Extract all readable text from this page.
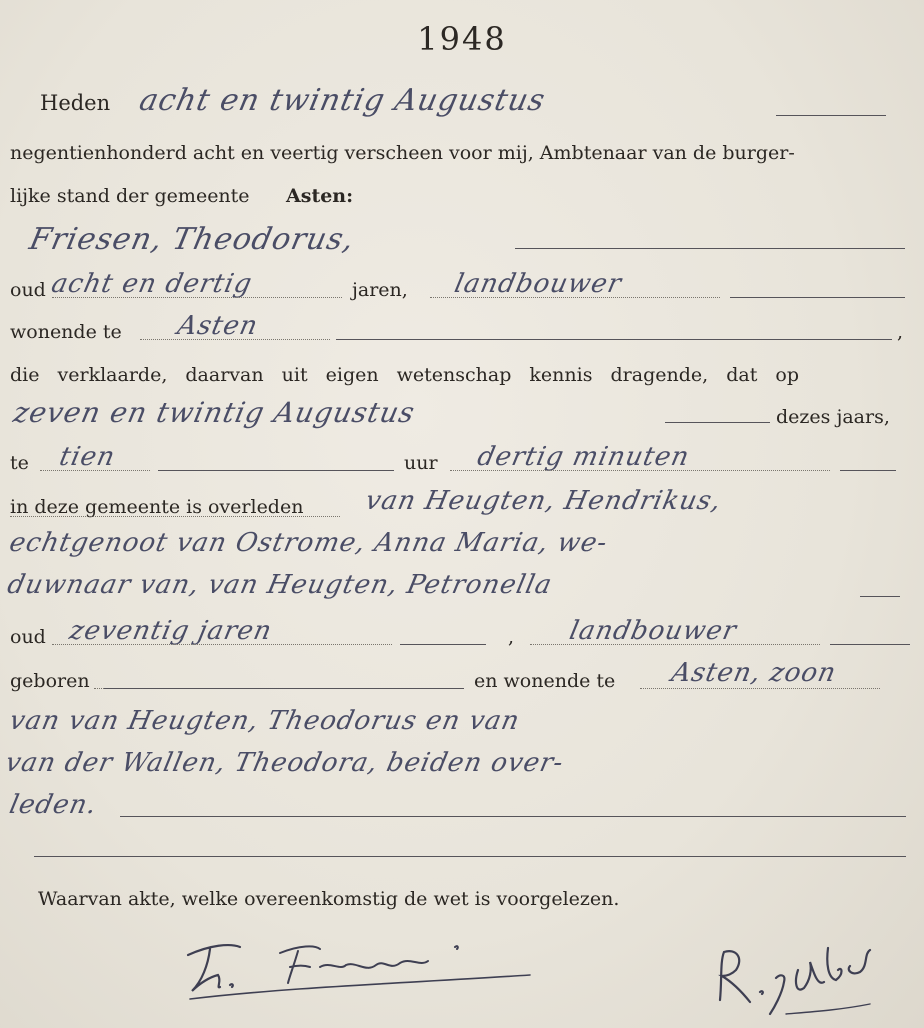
1948
Heden acht en twintig Augustus
negentienhonderd acht en veertig verscheen voor mij, Ambtenaar van de burger-
lijke stand der gemeente Asten:
Friesen, Theodorus,
oud acht en dertig	jaren, landbouwer
wonende te Asten	,
die verklaarde, daarvan uit eigen wetenschap kennis dragende, dat op
zeven en twintig Augustus	dezes jaars,
te tien	uur dertig minuten
in deze gemeente is overleden van Heugten, Hendrikus,
echtgenoot van Ostrome, Anna Maria, we-
duwnaar van, van Heugten, Petronella
oud zeventig jaren	, landbouwer
geboren	en wonende te Asten, zoon
van van Heugten, Theodorus en van
van der Wallen, Theodora, beiden over-
leden.
Waarvan akte, welke overeenkomstig de wet is voorgelezen.
